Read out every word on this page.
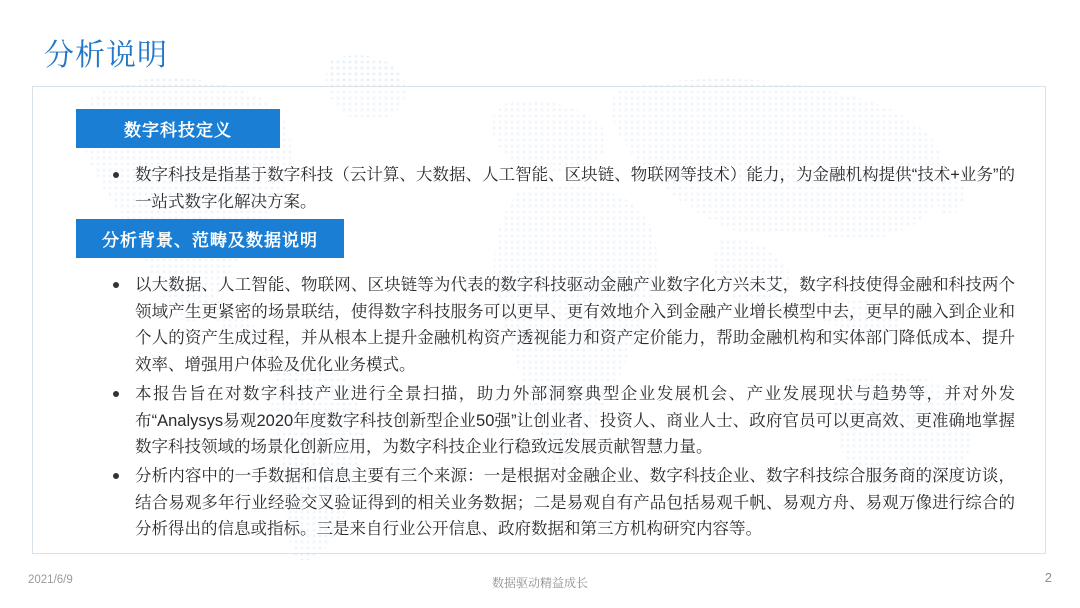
分析说明
数字科技定义
数字科技是指基于数字科技（云计算、大数据、人工智能、区块链、物联网等技术）能力，为金融机构提供“技术+业务”的一站式数字化解决方案。
分析背景、范畴及数据说明
以大数据、人工智能、物联网、区块链等为代表的数字科技驱动金融产业数字化方兴未艾，数字科技使得金融和科技两个领域产生更紧密的场景联结，使得数字科技服务可以更早、更有效地介入到金融产业增长模型中去，更早的融入到企业和个人的资产生成过程，并从根本上提升金融机构资产透视能力和资产定价能力，帮助金融机构和实体部门降低成本、提升效率、增强用户体验及优化业务模式。
本报告旨在对数字科技产业进行全景扫描，助力外部洞察典型企业发展机会、产业发展现状与趋势等，并对外发布“Analysys易观2020年度数字科技创新型企业50强”让创业者、投资人、商业人士、政府官员可以更高效、更准确地掌握数字科技领域的场景化创新应用，为数字科技企业行稳致远发展贡献智慧力量。
分析内容中的一手数据和信息主要有三个来源：一是根据对金融企业、数字科技企业、数字科技综合服务商的深度访谈，结合易观多年行业经验交叉验证得到的相关业务数据；二是易观自有产品包括易观千帆、易观方舟、易观万像进行综合的分析得出的信息或指标。三是来自行业公开信息、政府数据和第三方机构研究内容等。
2021/6/9	数据驱动精益成长	2
